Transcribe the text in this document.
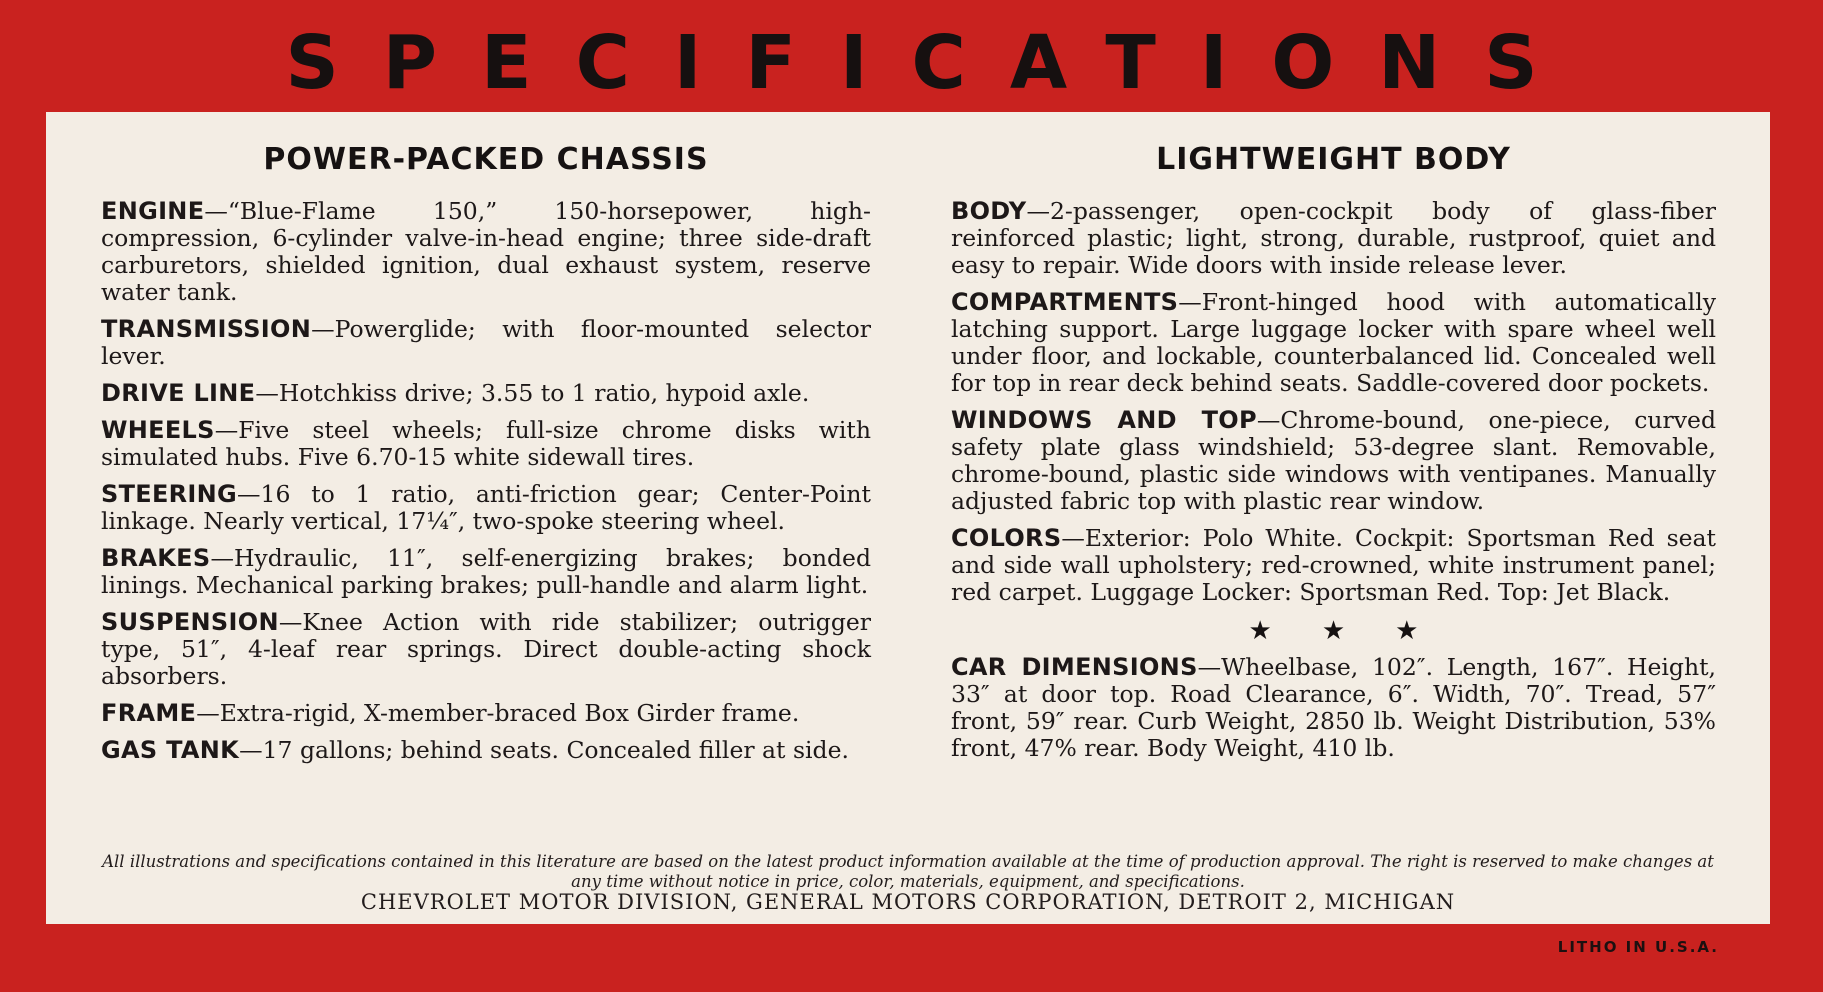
SPECIFICATIONS
POWER-PACKED CHASSIS

ENGINE—“Blue-Flame 150,” 150-horsepower, high-compression, 6-cylinder valve-in-head engine; three side-draft carburetors, shielded ignition, dual exhaust system, reserve water tank.

TRANSMISSION—Powerglide; with floor-mounted selector lever.

DRIVE LINE—Hotchkiss drive; 3.55 to 1 ratio, hypoid axle.

WHEELS—Five steel wheels; full-size chrome disks with simulated hubs. Five 6.70-15 white sidewall tires.

STEERING—16 to 1 ratio, anti-friction gear; Center-Point linkage. Nearly vertical, 17¼″, two-spoke steering wheel.

BRAKES—Hydraulic, 11″, self-energizing brakes; bonded linings. Mechanical parking brakes; pull-handle and alarm light.

SUSPENSION—Knee Action with ride stabilizer; outrigger type, 51″, 4-leaf rear springs. Direct double-acting shock absorbers.

FRAME—Extra-rigid, X-member-braced Box Girder frame.

GAS TANK—17 gallons; behind seats. Concealed filler at side.

LIGHTWEIGHT BODY

BODY—2-passenger, open-cockpit body of glass-fiber reinforced plastic; light, strong, durable, rustproof, quiet and easy to repair. Wide doors with inside release lever.

COMPARTMENTS—Front-hinged hood with automatically latching support. Large luggage locker with spare wheel well under floor, and lockable, counterbalanced lid. Concealed well for top in rear deck behind seats. Saddle-covered door pockets.

WINDOWS AND TOP—Chrome-bound, one-piece, curved safety plate glass windshield; 53-degree slant. Removable, chrome-bound, plastic side windows with ventipanes. Manually adjusted fabric top with plastic rear window.

COLORS—Exterior: Polo White. Cockpit: Sportsman Red seat and side wall upholstery; red-crowned, white instrument panel; red carpet. Luggage Locker: Sportsman Red. Top: Jet Black.

★★★

CAR DIMENSIONS—Wheelbase, 102″. Length, 167″. Height, 33″ at door top. Road Clearance, 6″. Width, 70″. Tread, 57″ front, 59″ rear. Curb Weight, 2850 lb. Weight Distribution, 53% front, 47% rear. Body Weight, 410 lb.

All illustrations and specifications contained in this literature are based on the latest product information available at the time of production approval. The right is reserved to make changes at any time without notice in price, color, materials, equipment, and specifications.
CHEVROLET MOTOR DIVISION, GENERAL MOTORS CORPORATION, DETROIT 2, MICHIGAN
LITHO IN U.S.A.
